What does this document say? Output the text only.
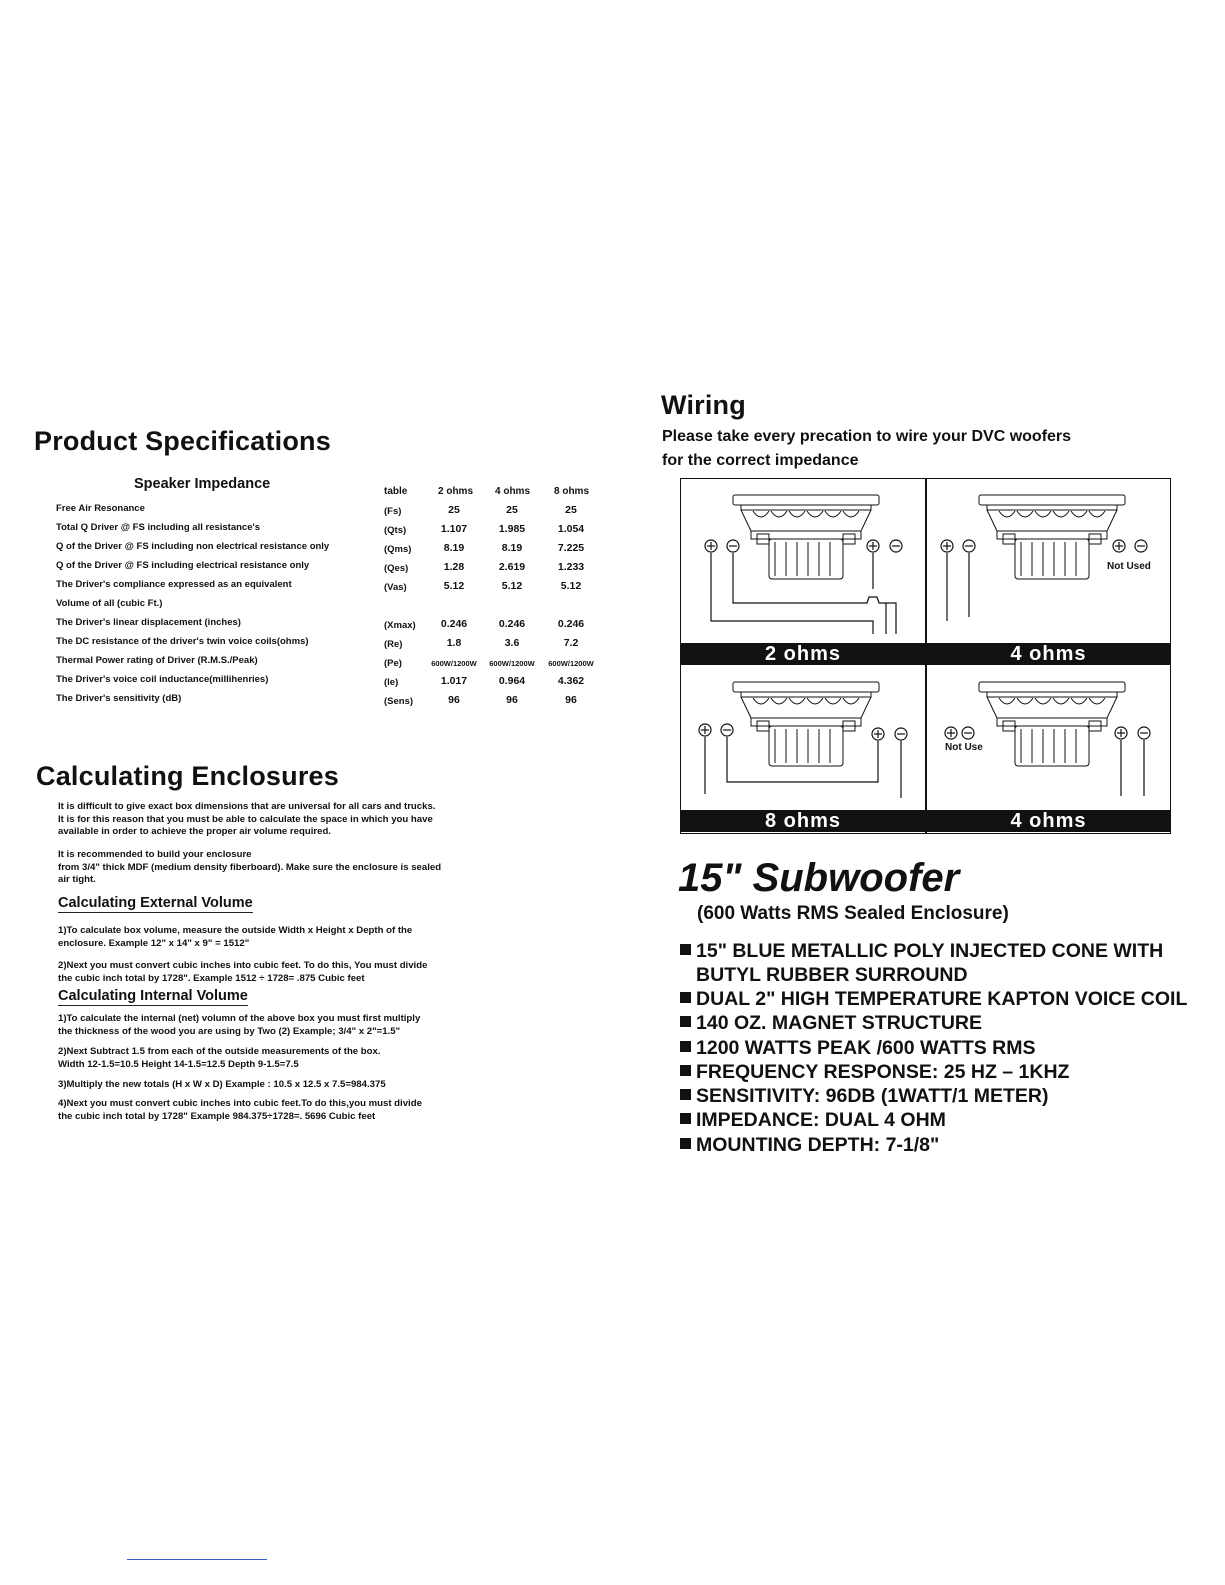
Product Specifications
Speaker Impedance	table	2 ohms 4 ohms 8 ohms
Free Air Resonance	(Fs)	25	25	25
Total Q Driver @ FS including all resistance's	(Qts)	1.107	1.985	1.054
Q of the Driver @ FS including non electrical resistance only	(Qms)	8.19	8.19	7.225
Q of the Driver @ FS including electrical resistance only	(Qes)	1.28	2.619	1.233
The Driver's compliance expressed as an equivalent	(Vas)	5.12	5.12	5.12
Volume of all (cubic Ft.)
The Driver's linear displacement (inches)	(Xmax)	0.246	0.246	0.246
The DC resistance of the driver's twin voice coils(ohms)	(Re)	1.8	3.6	7.2
Thermal Power rating of Driver (R.M.S./Peak)	(Pe)	600W/1200W	600W/1200W	600W/1200W
The Driver's voice coil inductance(millihenries)	(le)	1.017	0.964	4.362
The Driver's sensitivity (dB)	(Sens)	96	96	96
Calculating Enclosures
It is difficult to give exact box dimensions that are universal for all cars and trucks.
It is for this reason that you must be able to calculate the space in which you have
available in order to achieve the proper air volume required.
It is recommended to build your enclosure
from 3/4" thick MDF (medium density fiberboard). Make sure the enclosure is sealed
air tight.
Calculating External Volume
1)To calculate box volume, measure the outside Width x Height x Depth of the
enclosure. Example 12" x 14" x 9" = 1512"
2)Next you must convert cubic inches into cubic feet. To do this, You must divide
the cubic inch total by 1728". Example 1512 ÷ 1728= .875 Cubic feet
Calculating Internal Volume
1)To calculate the internal (net) volumn of the above box you must first multiply
the thickness of the wood you are using by Two (2) Example; 3/4" x 2"=1.5"
2)Next Subtract 1.5 from each of the outside measurements of the box.
Width 12-1.5=10.5 Height 14-1.5=12.5 Depth 9-1.5=7.5
3)Multiply the new totals (H x W x D) Example : 10.5 x 12.5 x 7.5=984.375
4)Next you must convert cubic inches into cubic feet.To do this,you must divide
the cubic inch total by 1728" Example 984.375÷1728=. 5696 Cubic feet
Wiring
Please take every precation to wire your DVC woofers
for the correct impedance
Not Used
Not Use
2 ohms	4 ohms
8 ohms	4 ohms
15" Subwoofer
(600 Watts RMS Sealed Enclosure)
15" BLUE METALLIC POLY INJECTED CONE WITH
BUTYL RUBBER SURROUND
DUAL 2" HIGH TEMPERATURE KAPTON VOICE COIL
140 OZ. MAGNET STRUCTURE
1200 WATTS PEAK /600 WATTS RMS
FREQUENCY RESPONSE: 25 HZ – 1KHZ
SENSITIVITY: 96DB (1WATT/1 METER)
IMPEDANCE: DUAL 4 OHM
MOUNTING DEPTH: 7-1/8"
